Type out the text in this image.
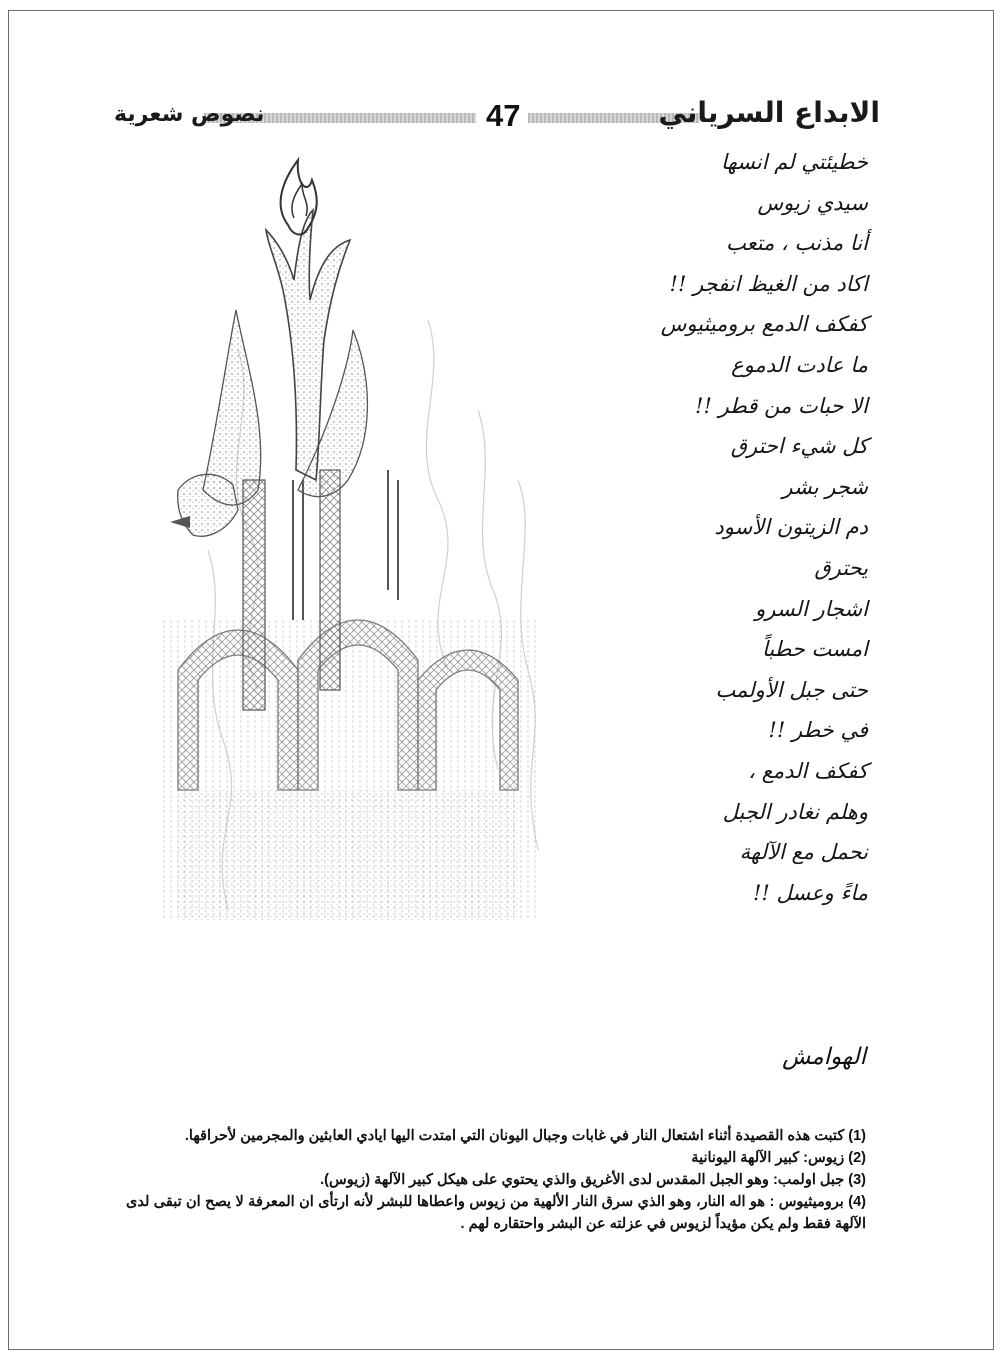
نصوص شعرية	47	الابداع السرياني
خطيئتي لم انسها
سيدي زيوس
أنا مذنب ، متعب
اكاد من الغيظ انفجر !!
كفكف الدمع بروميثيوس
ما عادت الدموع
الا حبات من قطر !!
كل شيء احترق
شجر بشر
دم الزيتون الأسود
يحترق
اشجار السرو
امست حطباً
حتى جبل الأولمب
في خطر !!
كفكف الدمع ،
وهلم نغادر الجبل
نحمل مع الآلهة
ماءً وعسل !!
الهوامش
(1) كتبت هذه القصيدة أثناء اشتعال النار في غابات وجبال اليونان التي امتدت اليها ايادي العابثين والمجرمين لأحراقها.
(2) زيوس: كبير الآلهة اليونانية
(3) جبل اولمب: وهو الجبل المقدس لدى الأغريق والذي يحتوي على هيكل كبير الآلهة (زيوس).
(4) بروميثيوس : هو اله النار، وهو الذي سرق النار الألهية من زيوس واعطاها للبشر لأنه ارتأى ان المعرفة لا يصح ان تبقى لدى الآلهة فقط ولم يكن مؤيداً لزيوس في عزلته عن البشر واحتقاره لهم .
